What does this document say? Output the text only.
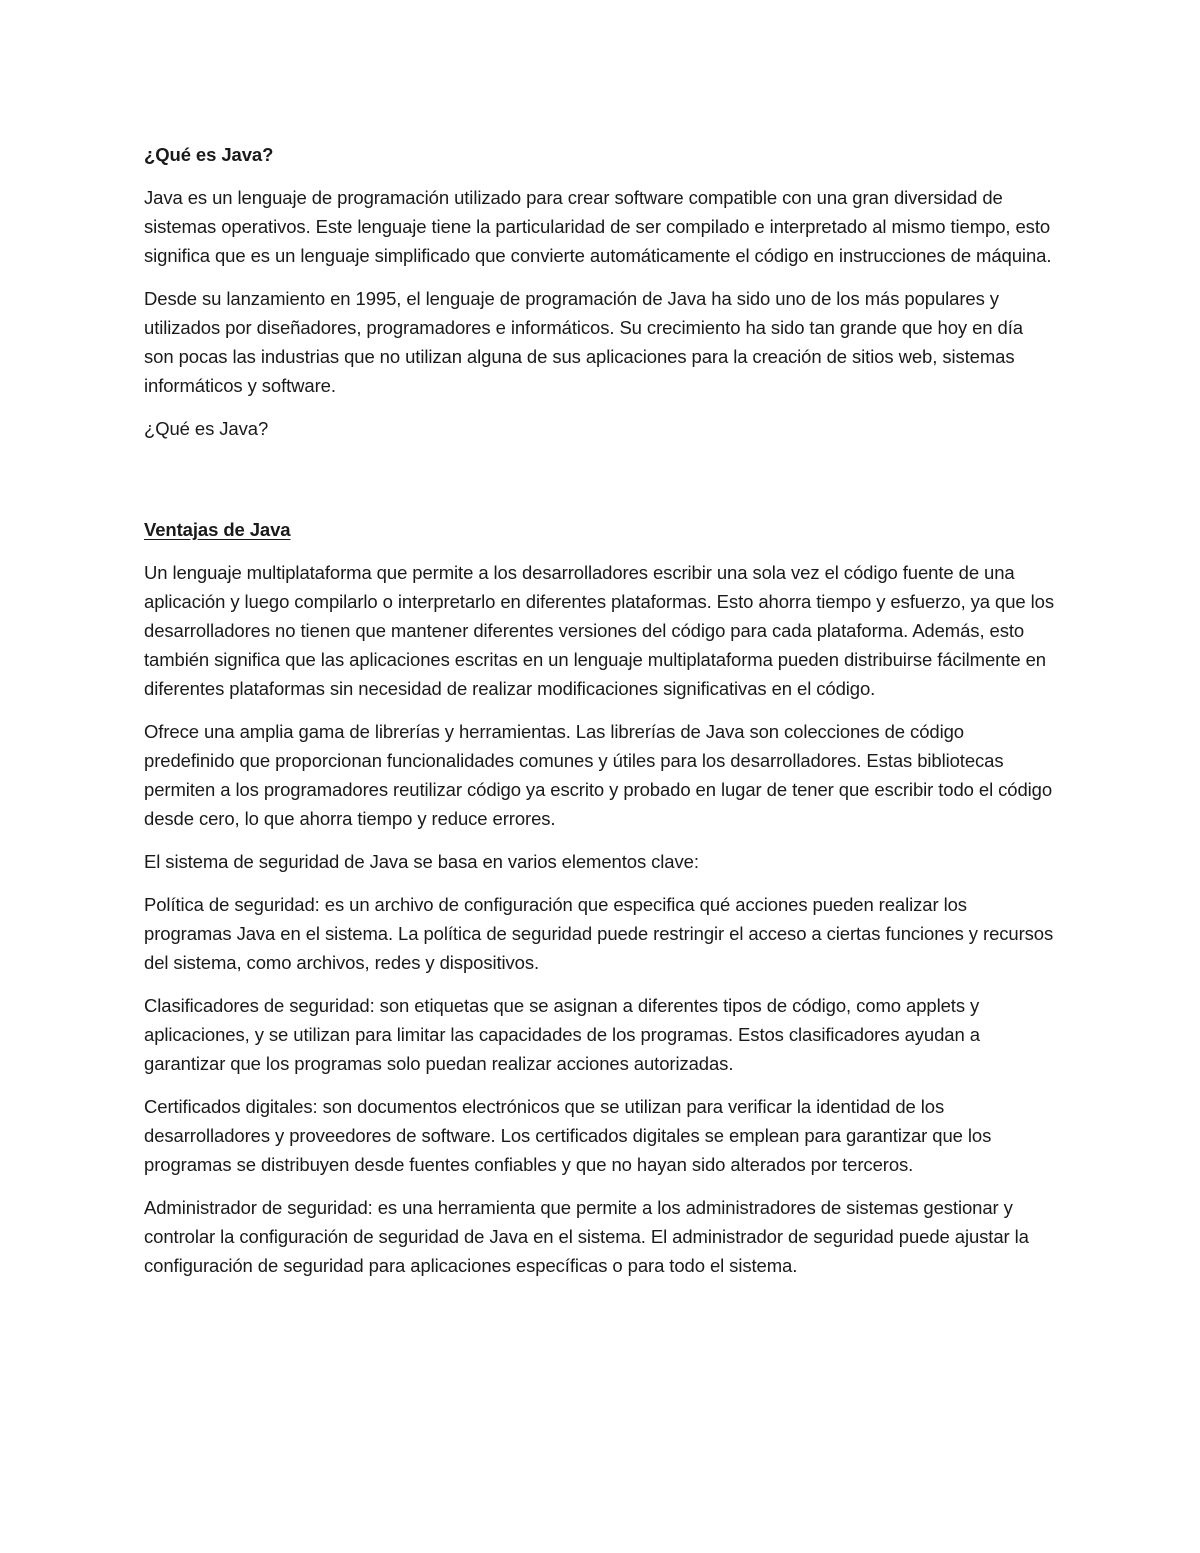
¿Qué es Java?

Java es un lenguaje de programación utilizado para crear software compatible con una gran diversidad de sistemas operativos. Este lenguaje tiene la particularidad de ser compilado e interpretado al mismo tiempo, esto significa que es un lenguaje simplificado que convierte automáticamente el código en instrucciones de máquina.

Desde su lanzamiento en 1995, el lenguaje de programación de Java ha sido uno de los más populares y utilizados por diseñadores, programadores e informáticos. Su crecimiento ha sido tan grande que hoy en día son pocas las industrias que no utilizan alguna de sus aplicaciones para la creación de sitios web, sistemas informáticos y software.

¿Qué es Java?

Ventajas de Java

Un lenguaje multiplataforma que permite a los desarrolladores escribir una sola vez el código fuente de una aplicación y luego compilarlo o interpretarlo en diferentes plataformas. Esto ahorra tiempo y esfuerzo, ya que los desarrolladores no tienen que mantener diferentes versiones del código para cada plataforma. Además, esto también significa que las aplicaciones escritas en un lenguaje multiplataforma pueden distribuirse fácilmente en diferentes plataformas sin necesidad de realizar modificaciones significativas en el código.

Ofrece una amplia gama de librerías y herramientas. Las librerías de Java son colecciones de código predefinido que proporcionan funcionalidades comunes y útiles para los desarrolladores. Estas bibliotecas permiten a los programadores reutilizar código ya escrito y probado en lugar de tener que escribir todo el código desde cero, lo que ahorra tiempo y reduce errores.

El sistema de seguridad de Java se basa en varios elementos clave:

Política de seguridad: es un archivo de configuración que especifica qué acciones pueden realizar los programas Java en el sistema. La política de seguridad puede restringir el acceso a ciertas funciones y recursos del sistema, como archivos, redes y dispositivos.

Clasificadores de seguridad: son etiquetas que se asignan a diferentes tipos de código, como applets y aplicaciones, y se utilizan para limitar las capacidades de los programas. Estos clasificadores ayudan a garantizar que los programas solo puedan realizar acciones autorizadas.

Certificados digitales: son documentos electrónicos que se utilizan para verificar la identidad de los desarrolladores y proveedores de software. Los certificados digitales se emplean para garantizar que los programas se distribuyen desde fuentes confiables y que no hayan sido alterados por terceros.

Administrador de seguridad: es una herramienta que permite a los administradores de sistemas gestionar y controlar la configuración de seguridad de Java en el sistema. El administrador de seguridad puede ajustar la configuración de seguridad para aplicaciones específicas o para todo el sistema.
